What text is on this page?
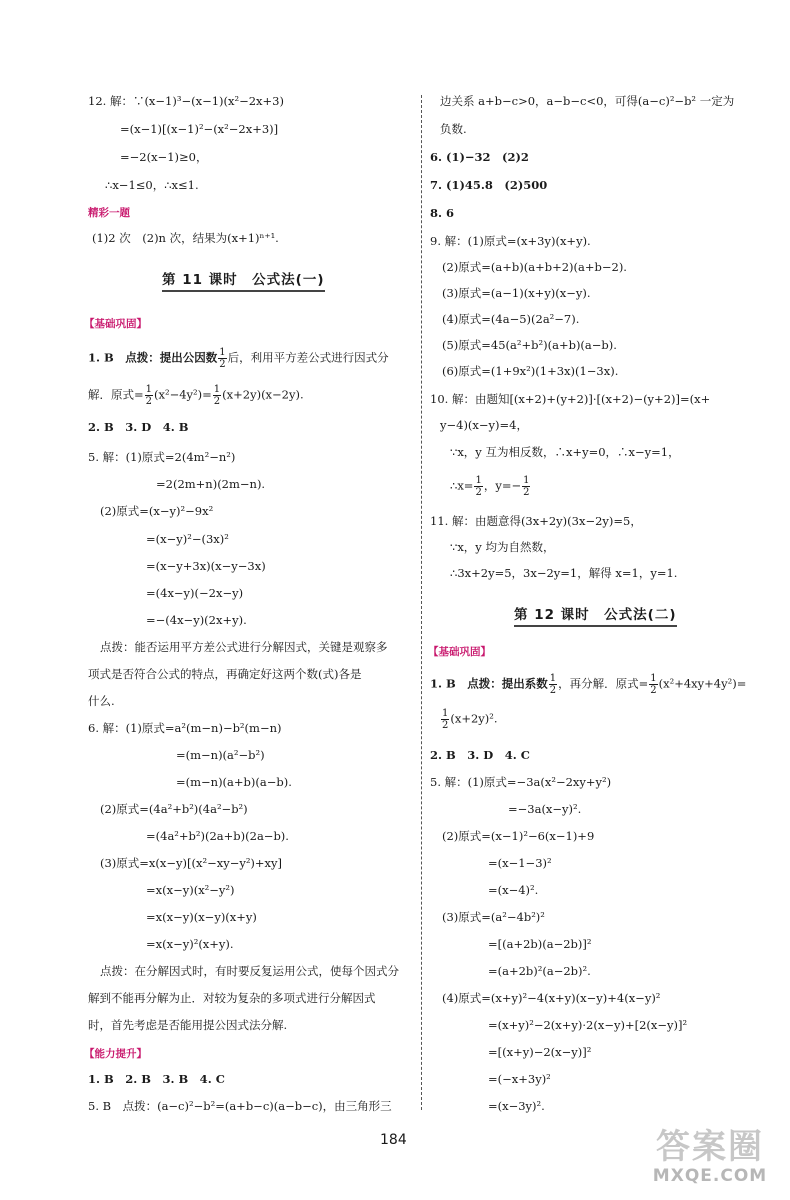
12. 解：∵(x−1)³−(x−1)(x²−2x+3)
=(x−1)[(x−1)²−(x²−2x+3)]
=−2(x−1)≥0，
∴x−1≤0，∴x≤1.
精彩一题
(1)2 次　(2)n 次，结果为(x+1)ⁿ⁺¹.
第 11 课时　公式法(一)
【基础巩固】
1. B　点拨：提出公因数 $\frac{1}{2}$ 后，利用平方差公式进行因式分
解．原式= $\frac{1}{2} (x^2-4y^2)= \frac{1}{2} (x+2y)(x-2y)$.
2. B　3. D　4. B
5. 解：(1)原式=2(4m²−n²)
=2(2m+n)(2m−n).
(2)原式=(x−y)²−9x²
=(x−y)²−(3x)²
=(x−y+3x)(x−y−3x)
=(4x−y)(−2x−y)
=−(4x−y)(2x+y).
点拨：能否运用平方差公式进行分解因式，关键是观察多
项式是否符合公式的特点，再确定好这两个数(式)各是
什么.
6. 解：(1)原式=a²(m−n)−b²(m−n)
=(m−n)(a²−b²)
=(m−n)(a+b)(a−b).
(2)原式=(4a²+b²)(4a²−b²)
=(4a²+b²)(2a+b)(2a−b).
(3)原式=x(x−y)[(x²−xy−y²)+xy]
=x(x−y)(x²−y²)
=x(x−y)(x−y)(x+y)
=x(x−y)²(x+y).
点拨：在分解因式时，有时要反复运用公式，使每个因式分
解到不能再分解为止．对较为复杂的多项式进行分解因式
时，首先考虑是否能用提公因式法分解.
【能力提升】
1. B　2. B　3. B　4. C
5. B　点拨：(a−c)²−b²=(a+b−c)(a−b−c)，由三角形三
边关系 a+b−c>0，a−b−c<0，可得(a−c)²−b² 一定为
负数.
6. (1)−32　(2)2
7. (1)45.8　(2)500
8. 6
9. 解：(1)原式=(x+3y)(x+y).
(2)原式=(a+b)(a+b+2)(a+b−2).
(3)原式=(a−1)(x+y)(x−y).
(4)原式=(4a−5)(2a²−7).
(5)原式=45(a²+b²)(a+b)(a−b).
(6)原式=(1+9x²)(1+3x)(1−3x).
10. 解：由题知[(x+2)+(y+2)]·[(x+2)−(y+2)]=(x+
y−4)(x−y)=4，
∵x，y 互为相反数，∴x+y=0，∴x−y=1，
∴x= $\frac{1}{2}$ ，$y=- \frac{1}{2}$
11. 解：由题意得(3x+2y)(3x−2y)=5，
∵x，y 均为自然数，
∴3x+2y=5，3x−2y=1，解得 x=1，y=1.
第 12 课时　公式法(二)
【基础巩固】
1. B　点拨：提出系数 $\frac{1}{2}$ ，再分解．原式= $\frac{1}{2} (x^2+4xy+4y^2)=$
$\frac{1}{2} (x+2y)^2$.
2. B　3. D　4. C
5. 解：(1)原式=−3a(x²−2xy+y²)
=−3a(x−y)².
(2)原式=(x−1)²−6(x−1)+9
=(x−1−3)²
=(x−4)².
(3)原式=(a²−4b²)²
=[(a+2b)(a−2b)]²
=(a+2b)²(a−2b)².
(4)原式=(x+y)²−4(x+y)(x−y)+4(x−y)²
=(x+y)²−2(x+y)·2(x−y)+[2(x−y)]²
=[(x+y)−2(x−y)]²
=(−x+3y)²
=(x−3y)².
184	答案圈
MXQE.COM
